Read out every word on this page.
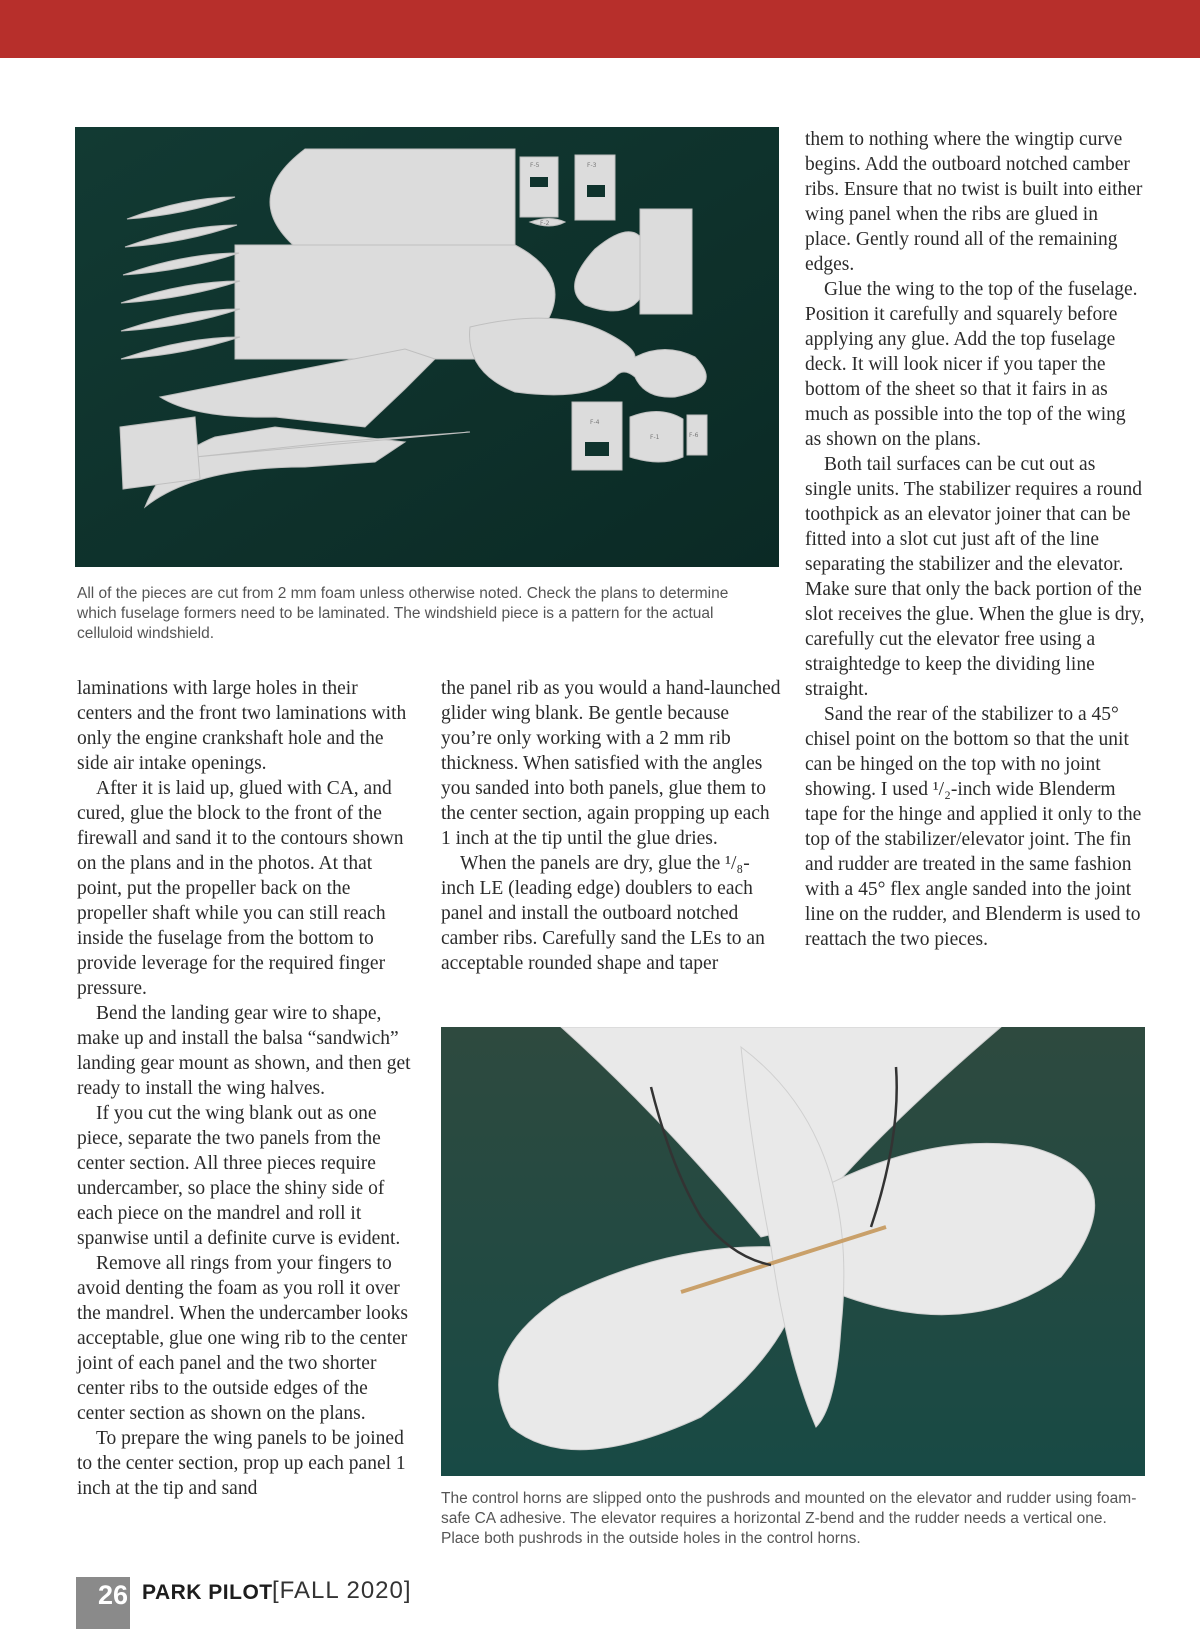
F-5	F-3
F-2
F-4
F-1	F-6

All of the pieces are cut from 2 mm foam unless otherwise noted. Check the plans to determine which fuselage formers need to be laminated. The windshield piece is a pattern for the actual celluloid windshield.

laminations with large holes in their centers and the front two laminations with only the engine crankshaft hole and the side air intake openings.

After it is laid up, glued with CA, and cured, glue the block to the front of the firewall and sand it to the contours shown on the plans and in the photos. At that point, put the propeller back on the propeller shaft while you can still reach inside the fuselage from the bottom to provide leverage for the required finger pressure.

Bend the landing gear wire to shape, make up and install the balsa “sandwich” landing gear mount as shown, and then get ready to install the wing halves.

If you cut the wing blank out as one piece, separate the two panels from the center section. All three pieces require undercamber, so place the shiny side of each piece on the mandrel and roll it spanwise until a definite curve is evident.

Remove all rings from your fingers to avoid denting the foam as you roll it over the mandrel. When the undercamber looks acceptable, glue one wing rib to the center joint of each panel and the two shorter center ribs to the outside edges of the center section as shown on the plans.

To prepare the wing panels to be joined to the center section, prop up each panel 1 inch at the tip and sand

the panel rib as you would a hand-launched glider wing blank. Be gentle because you’re only working with a 2 mm rib thickness. When satisfied with the angles you sanded into both panels, glue them to the center section, again propping up each 1 inch at the tip until the glue dries.

When the panels are dry, glue the ¹/₈-inch LE (leading edge) doublers to each panel and install the outboard notched camber ribs. Carefully sand the LEs to an acceptable rounded shape and taper

them to nothing where the wingtip curve begins. Add the outboard notched camber ribs. Ensure that no twist is built into either wing panel when the ribs are glued in place. Gently round all of the remaining edges.

Glue the wing to the top of the fuselage. Position it carefully and squarely before applying any glue. Add the top fuselage deck. It will look nicer if you taper the bottom of the sheet so that it fairs in as much as possible into the top of the wing as shown on the plans.

Both tail surfaces can be cut out as single units. The stabilizer requires a round toothpick as an elevator joiner that can be fitted into a slot cut just aft of the line separating the stabilizer and the elevator. Make sure that only the back portion of the slot receives the glue. When the glue is dry, carefully cut the elevator free using a straightedge to keep the dividing line straight.

Sand the rear of the stabilizer to a 45° chisel point on the bottom so that the unit can be hinged on the top with no joint showing. I used ¹/₂-inch wide Blenderm tape for the hinge and applied it only to the top of the stabilizer/elevator joint. The fin and rudder are treated in the same fashion with a 45° flex angle sanded into the joint line on the rudder, and Blenderm is used to reattach the two pieces.

The control horns are slipped onto the pushrods and mounted on the elevator and rudder using foam-safe CA adhesive. The elevator requires a horizontal Z-bend and the rudder needs a vertical one. Place both pushrods in the outside holes in the control horns.

26 PARK PILOT [FALL 2020]
